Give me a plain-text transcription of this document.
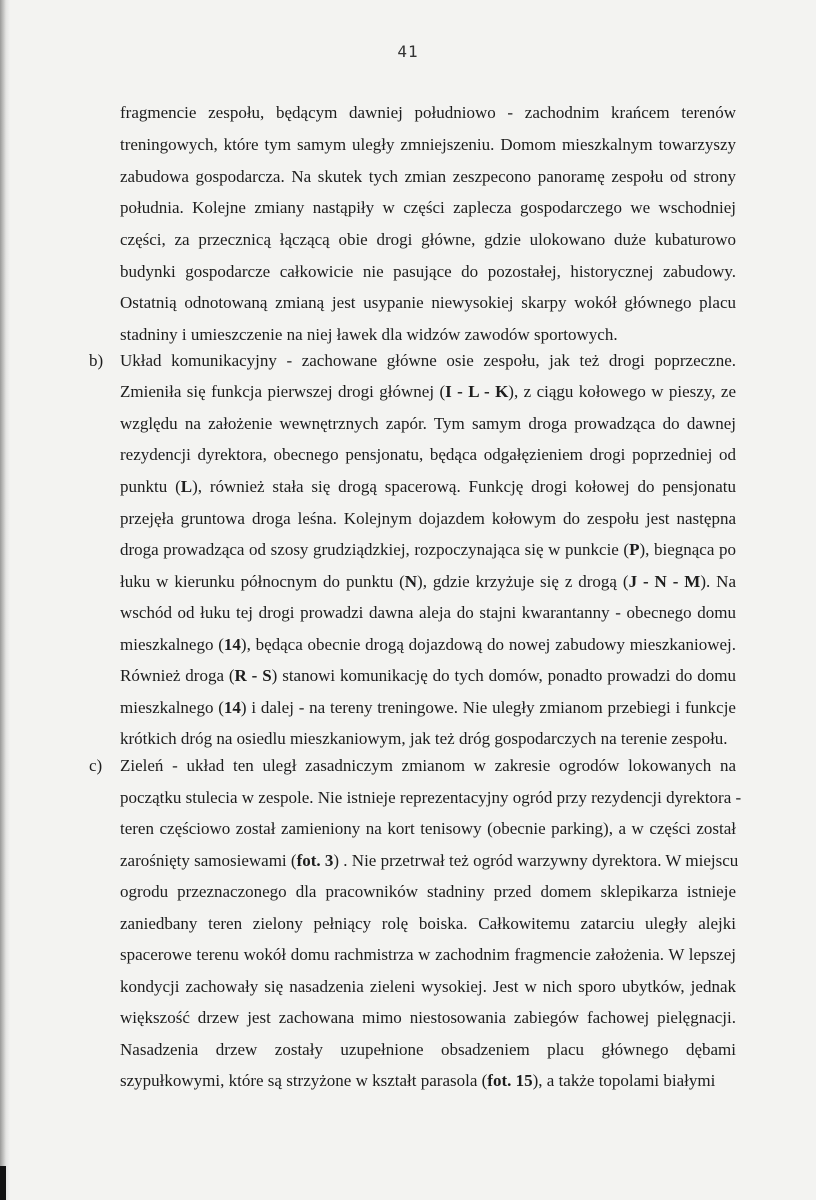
41
fragmencie zespołu, będącym dawniej południowo - zachodnim krańcem terenów
treningowych, które tym samym uległy zmniejszeniu. Domom mieszkalnym towarzyszy
zabudowa gospodarcza. Na skutek tych zmian zeszpecono panoramę zespołu od strony
południa. Kolejne zmiany nastąpiły w części zaplecza gospodarczego we wschodniej
części, za przecznicą łączącą obie drogi główne, gdzie ulokowano duże kubaturowo
budynki gospodarcze całkowicie nie pasujące do pozostałej, historycznej zabudowy.
Ostatnią odnotowaną zmianą jest usypanie niewysokiej skarpy wokół głównego placu
stadniny i umieszczenie na niej ławek dla widzów zawodów sportowych.
b) Układ komunikacyjny - zachowane główne osie zespołu, jak też drogi poprzeczne.
Zmieniła się funkcja pierwszej drogi głównej (I - L - K), z ciągu kołowego w pieszy, ze
względu na założenie wewnętrznych zapór. Tym samym droga prowadząca do dawnej
rezydencji dyrektora, obecnego pensjonatu, będąca odgałęzieniem drogi poprzedniej od
punktu (L), również stała się drogą spacerową. Funkcję drogi kołowej do pensjonatu
przejęła gruntowa droga leśna. Kolejnym dojazdem kołowym do zespołu jest następna
droga prowadząca od szosy grudziądzkiej, rozpoczynająca się w punkcie (P), biegnąca po
łuku w kierunku północnym do punktu (N), gdzie krzyżuje się z drogą (J - N - M). Na
wschód od łuku tej drogi prowadzi dawna aleja do stajni kwarantanny - obecnego domu
mieszkalnego (14), będąca obecnie drogą dojazdową do nowej zabudowy mieszkaniowej.
Również droga (R - S) stanowi komunikację do tych domów, ponadto prowadzi do domu
mieszkalnego (14) i dalej - na tereny treningowe. Nie uległy zmianom przebiegi i funkcje
krótkich dróg na osiedlu mieszkaniowym, jak też dróg gospodarczych na terenie zespołu.
c) Zieleń - układ ten uległ zasadniczym zmianom w zakresie ogrodów lokowanych na
początku stulecia w zespole. Nie istnieje reprezentacyjny ogród przy rezydencji dyrektora -
teren częściowo został zamieniony na kort tenisowy (obecnie parking), a w części został
zarośnięty samosiewami (fot. 3) . Nie przetrwał też ogród warzywny dyrektora. W miejscu
ogrodu przeznaczonego dla pracowników stadniny przed domem sklepikarza istnieje
zaniedbany teren zielony pełniący rolę boiska. Całkowitemu zatarciu uległy alejki
spacerowe terenu wokół domu rachmistrza w zachodnim fragmencie założenia. W lepszej
kondycji zachowały się nasadzenia zieleni wysokiej. Jest w nich sporo ubytków, jednak
większość drzew jest zachowana mimo niestosowania zabiegów fachowej pielęgnacji.
Nasadzenia drzew zostały uzupełnione obsadzeniem placu głównego dębami
szypułkowymi, które są strzyżone w kształt parasola (fot. 15), a także topolami białymi
